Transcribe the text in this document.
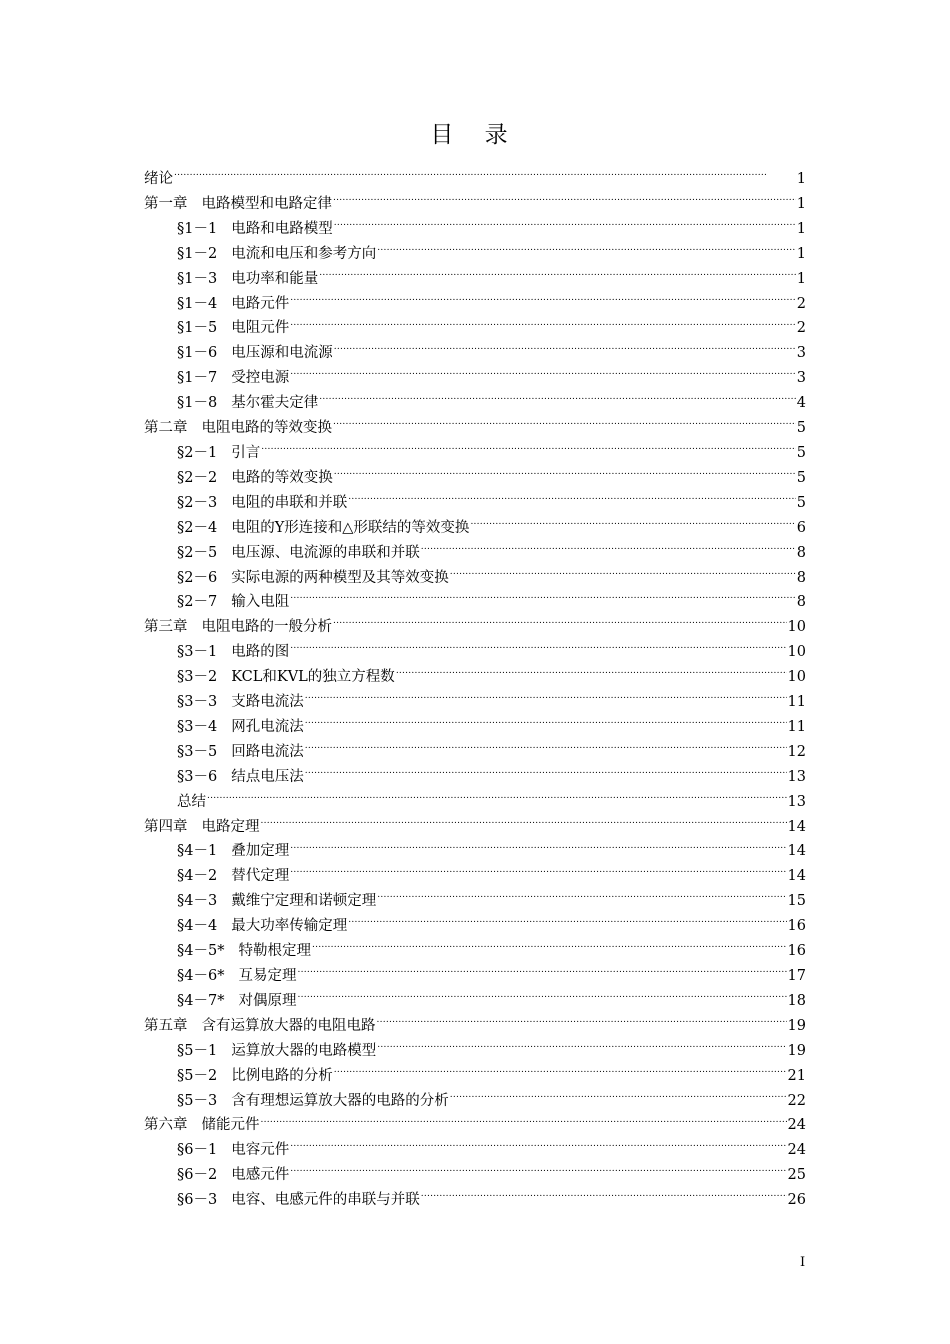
目 录
绪论 . . .	1
第一章 电路模型和电路定律 . . .	1
§1－1 电路和电路模型 . . .	1
§1－2 电流和电压和参考方向 . . .	1
§1－3 电功率和能量 . . .	1
§1－4 电路元件 . . .	2
§1－5 电阻元件 . . .	2
§1－6 电压源和电流源 . . .	3
§1－7 受控电源 . . .	3
§1－8 基尔霍夫定律 . . .	4
第二章 电阻电路的等效变换 . . .	5
§2－1 引言 . . .	5
§2－2 电路的等效变换 . . .	5
§2－3 电阻的串联和并联 . . .	5
§2－4 电阻的Y形连接和△形联结的等效变换 . . .	6
§2－5 电压源、电流源的串联和并联 . . .	8
§2－6 实际电源的两种模型及其等效变换 . . .	8
§2－7 输入电阻 . . .	8
第三章 电阻电路的一般分析 . . .	10
§3－1 电路的图 . . .	10
§3－2 KCL和KVL的独立方程数 . . .	10
§3－3 支路电流法 . . .	11
§3－4 网孔电流法 . . .	11
§3－5 回路电流法 . . .	12
§3－6 结点电压法 . . .	13
总结 . . .	13
第四章 电路定理 . . .	14
§4－1 叠加定理 . . .	14
§4－2 替代定理 . . .	14
§4－3 戴维宁定理和诺顿定理 . . .	15
§4－4 最大功率传输定理 . . .	16
§4－5* 特勒根定理 . . .	16
§4－6* 互易定理 . . .	17
§4－7* 对偶原理 . . .	18
第五章 含有运算放大器的电阻电路 . . .	19
§5－1 运算放大器的电路模型 . . .	19
§5－2 比例电路的分析 . . .	21
§5－3 含有理想运算放大器的电路的分析 . . .	22
第六章 储能元件 . . .	24
§6－1 电容元件 . . .	24
§6－2 电感元件 . . .	25
§6－3 电容、电感元件的串联与并联 . . .	26
I
